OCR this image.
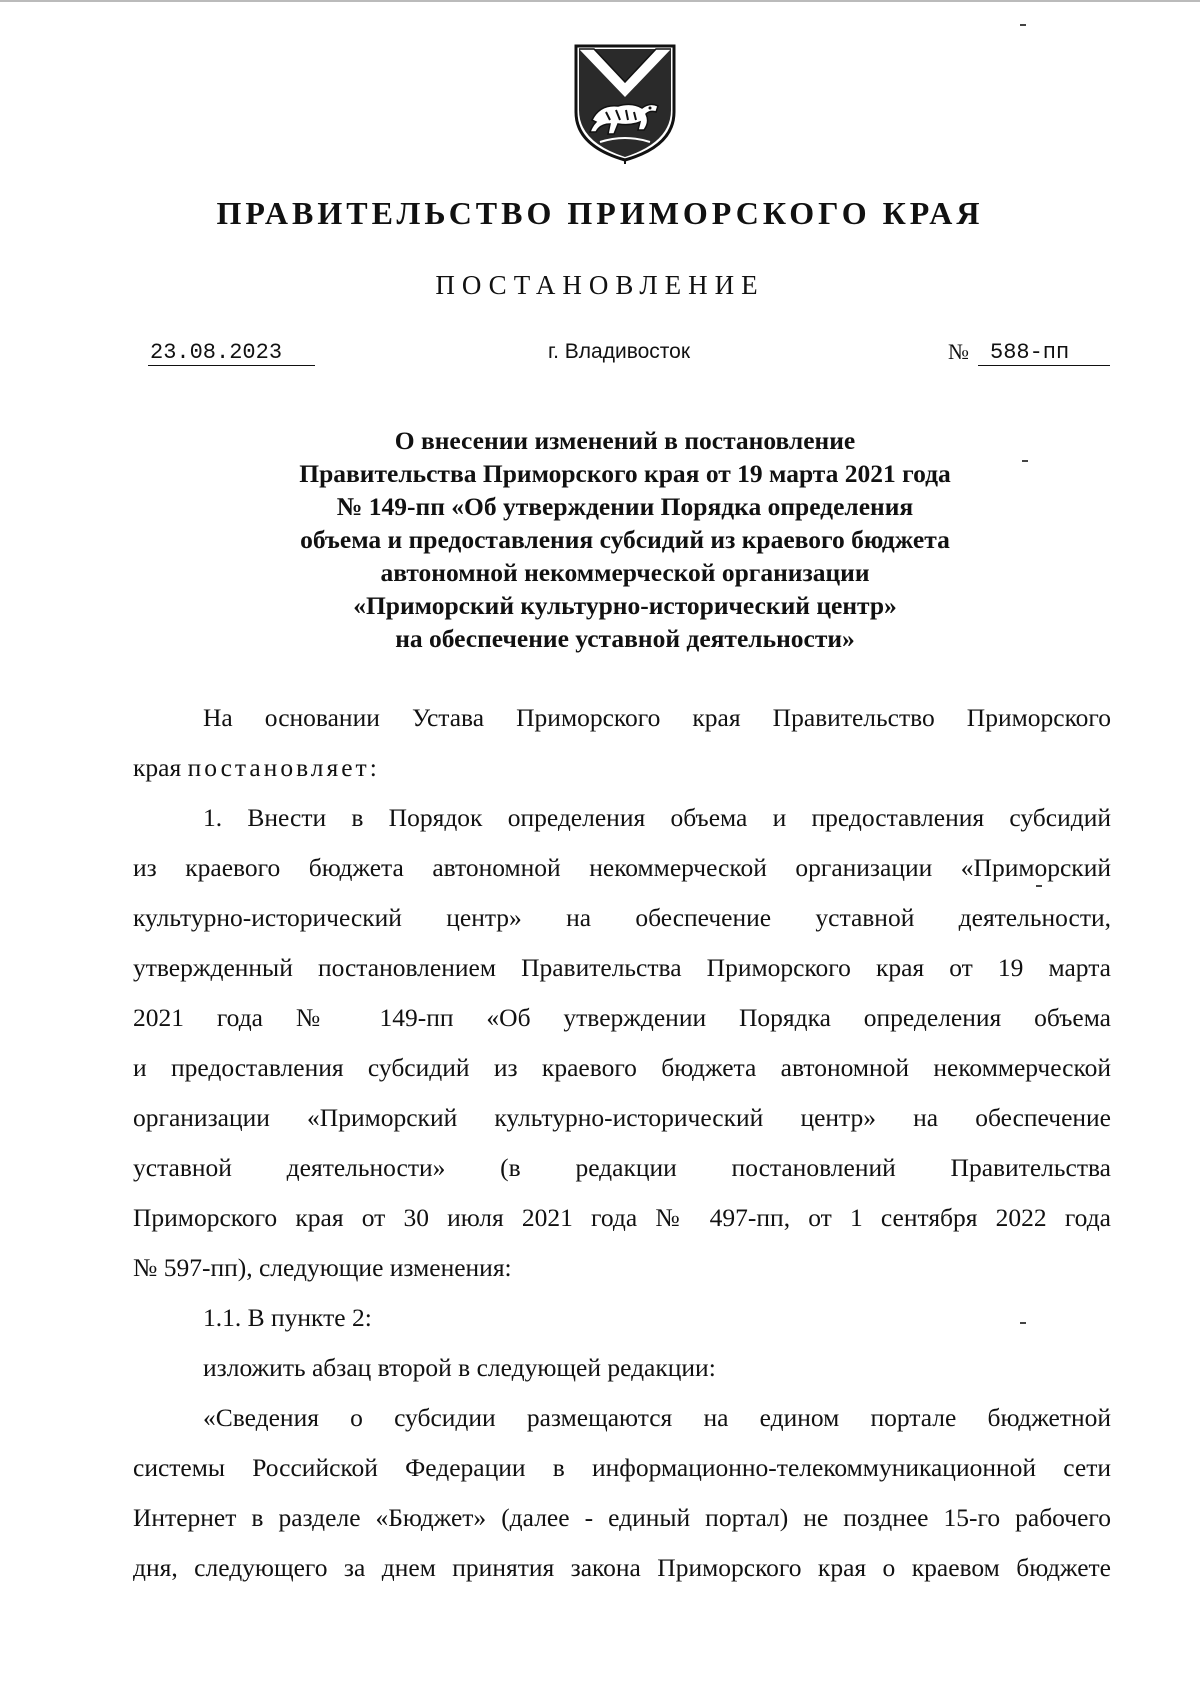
ПРАВИТЕЛЬСТВО ПРИМОРСКОГО КРАЯ
ПОСТАНОВЛЕНИЕ
23.08.2023	г. Владивосток	№ 588-пп
О внесении изменений в постановление
Правительства Приморского края от 19 марта 2021 года
№ 149-пп «Об утверждении Порядка определения
объема и предоставления субсидий из краевого бюджета
автономной некоммерческой организации
«Приморский культурно-исторический центр»
на обеспечение уставной деятельности»
На основании Устава Приморского края Правительство Приморского
края постановляет:
1. Внести в Порядок определения объема и предоставления субсидий
из краевого бюджета автономной некоммерческой организации «Приморский
культурно-исторический центр» на обеспечение уставной деятельности,
утвержденный постановлением Правительства Приморского края от 19 марта
2021 года № 149-пп «Об утверждении Порядка определения объема
и предоставления субсидий из краевого бюджета автономной некоммерческой
организации «Приморский культурно-исторический центр» на обеспечение
уставной деятельности» (в редакции постановлений Правительства
Приморского края от 30 июля 2021 года № 497-пп, от 1 сентября 2022 года
№ 597-пп), следующие изменения:
1.1. В пункте 2:
изложить абзац второй в следующей редакции:
«Сведения о субсидии размещаются на едином портале бюджетной
системы Российской Федерации в информационно-телекоммуникационной сети
Интернет в разделе «Бюджет» (далее - единый портал) не позднее 15-го рабочего
дня, следующего за днем принятия закона Приморского края о краевом бюджете
